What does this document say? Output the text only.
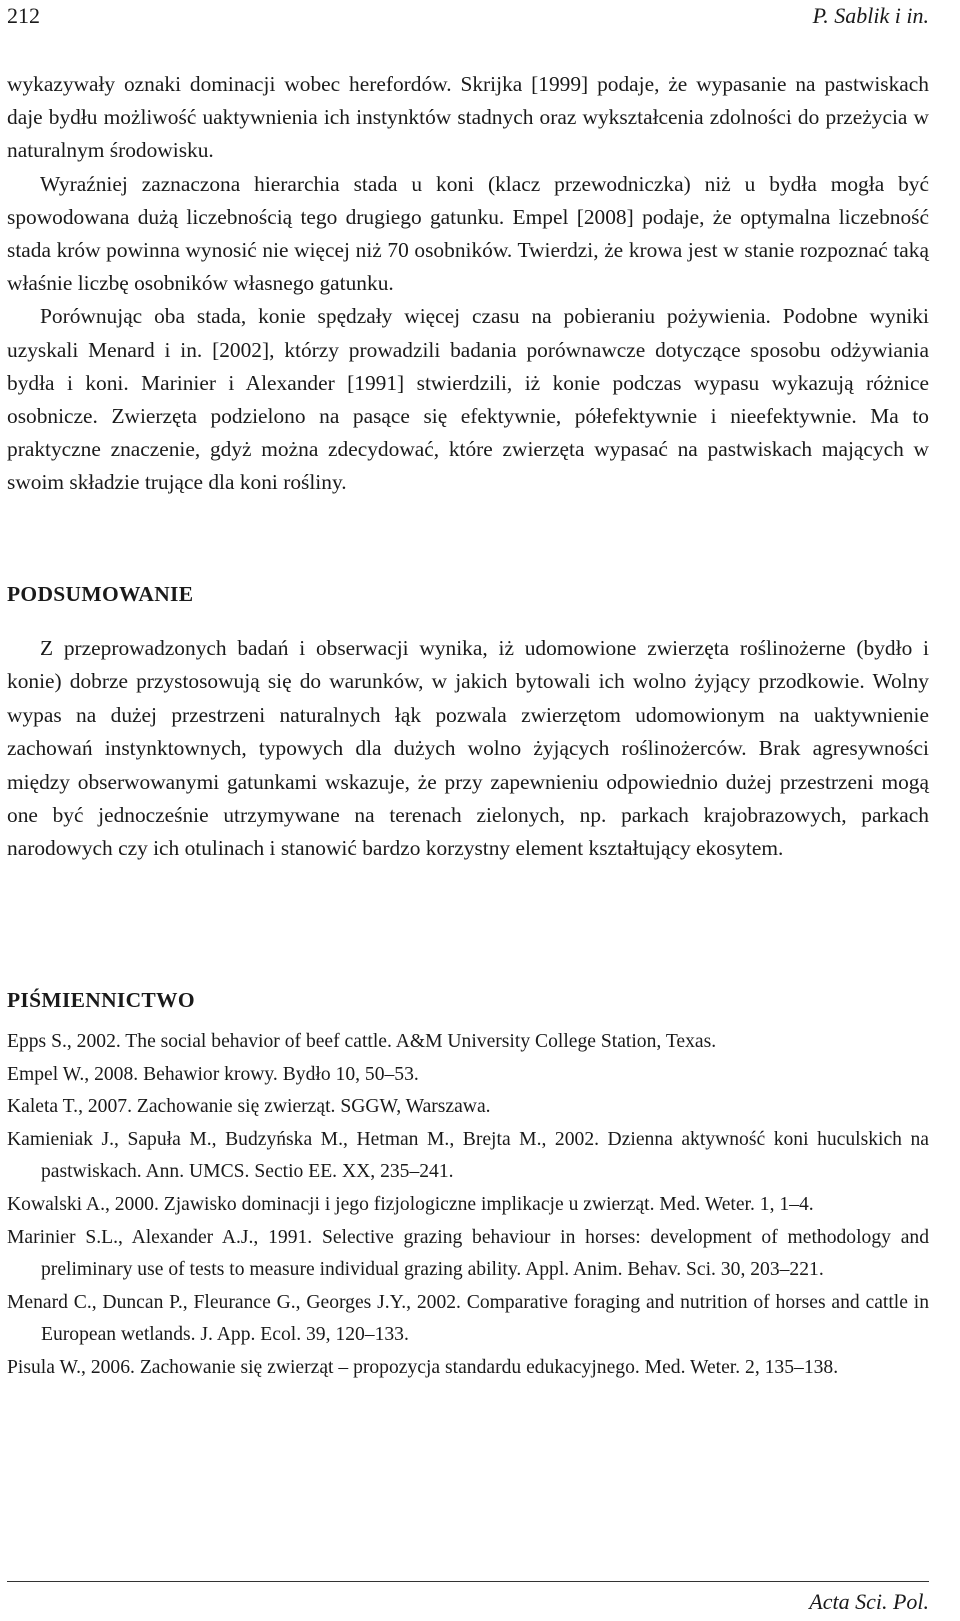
212	P. Sablik i in.

wykazywały oznaki dominacji wobec herefordów. Skrijka [1999] podaje, że wypasanie na pastwiskach daje bydłu możliwość uaktywnienia ich instynktów stadnych oraz wykształcenia zdolności do przeżycia w naturalnym środowisku.

Wyraźniej zaznaczona hierarchia stada u koni (klacz przewodniczka) niż u bydła mogła być spowodowana dużą liczebnością tego drugiego gatunku. Empel [2008] podaje, że optymalna liczebność stada krów powinna wynosić nie więcej niż 70 osobników. Twierdzi, że krowa jest w stanie rozpoznać taką właśnie liczbę osobników własnego gatunku.

Porównując oba stada, konie spędzały więcej czasu na pobieraniu pożywienia. Podobne wyniki uzyskali Menard i in. [2002], którzy prowadzili badania porównawcze dotyczące sposobu odżywiania bydła i koni. Marinier i Alexander [1991] stwierdzili, iż konie podczas wypasu wykazują różnice osobnicze. Zwierzęta podzielono na pasące się efektywnie, półefektywnie i nieefektywnie. Ma to praktyczne znaczenie, gdyż można zdecydować, które zwierzęta wypasać na pastwiskach mających w swoim składzie trujące dla koni rośliny.

PODSUMOWANIE

Z przeprowadzonych badań i obserwacji wynika, iż udomowione zwierzęta roślinożerne (bydło i konie) dobrze przystosowują się do warunków, w jakich bytowali ich wolno żyjący przodkowie. Wolny wypas na dużej przestrzeni naturalnych łąk pozwala zwierzętom udomowionym na uaktywnienie zachowań instynktownych, typowych dla dużych wolno żyjących roślinożerców. Brak agresywności między obserwowanymi gatunkami wskazuje, że przy zapewnieniu odpowiednio dużej przestrzeni mogą one być jednocześnie utrzymywane na terenach zielonych, np. parkach krajobrazowych, parkach narodowych czy ich otulinach i stanowić bardzo korzystny element kształtujący ekosytem.

PIŚMIENNICTWO
Epps S., 2002. The social behavior of beef cattle. A&M University College Station, Texas.
Empel W., 2008. Behawior krowy. Bydło 10, 50–53.
Kaleta T., 2007. Zachowanie się zwierząt. SGGW, Warszawa.
Kamieniak J., Sapuła M., Budzyńska M., Hetman M., Brejta M., 2002. Dzienna aktywność koni huculskich na pastwiskach. Ann. UMCS. Sectio EE. XX, 235–241.
Kowalski A., 2000. Zjawisko dominacji i jego fizjologiczne implikacje u zwierząt. Med. Weter. 1, 1–4.
Marinier S.L., Alexander A.J., 1991. Selective grazing behaviour in horses: development of methodology and preliminary use of tests to measure individual grazing ability. Appl. Anim. Behav. Sci. 30, 203–221.
Menard C., Duncan P., Fleurance G., Georges J.Y., 2002. Comparative foraging and nutrition of horses and cattle in European wetlands. J. App. Ecol. 39, 120–133.
Pisula W., 2006. Zachowanie się zwierząt – propozycja standardu edukacyjnego. Med. Weter. 2, 135–138.
Acta Sci. Pol.
